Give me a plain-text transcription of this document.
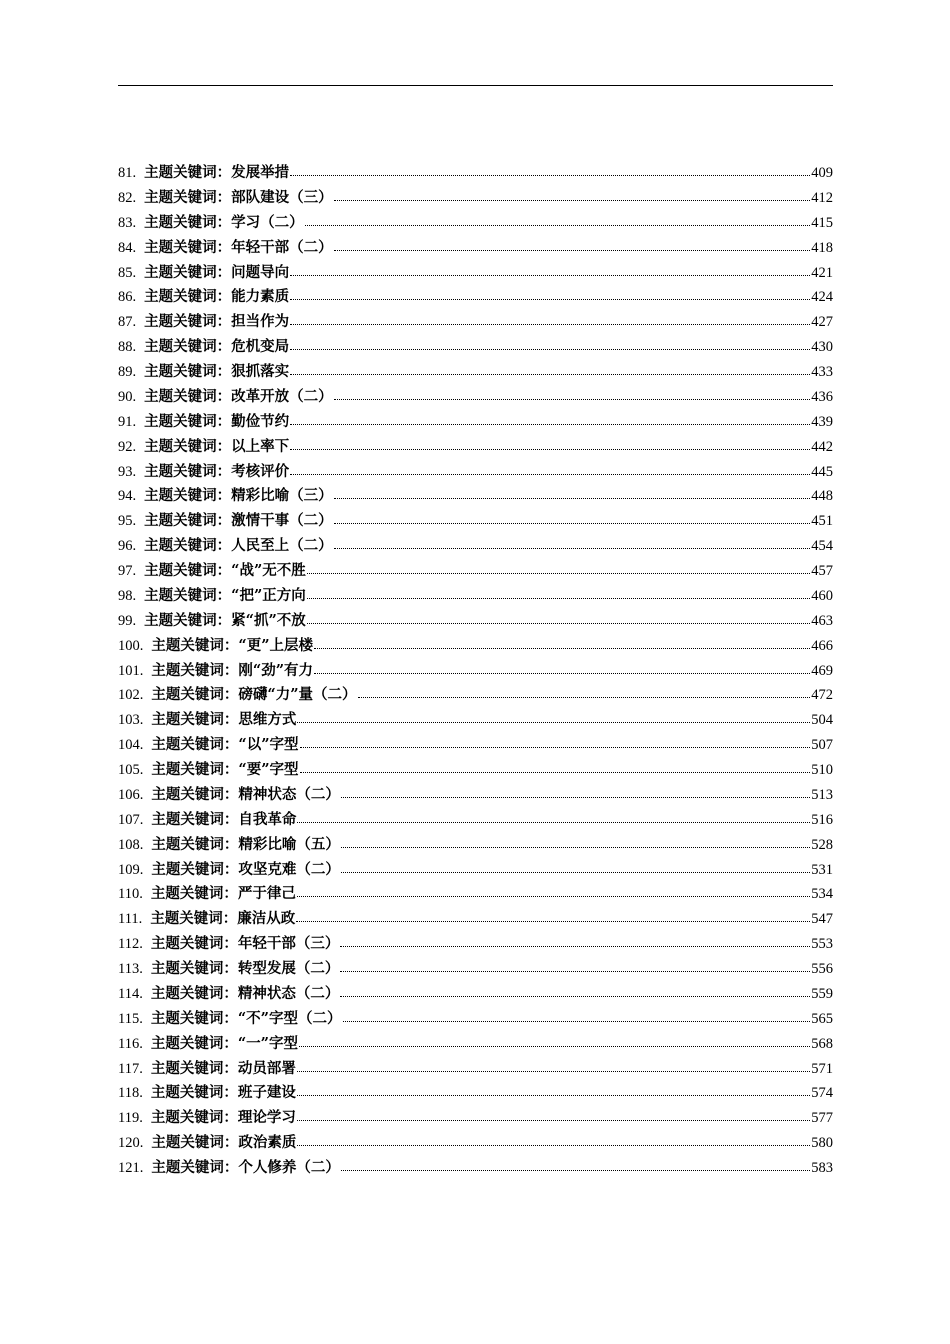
81. 主题关键词：发展举措	409
82. 主题关键词：部队建设（三）	412
83. 主题关键词：学习（二）	415
84. 主题关键词：年轻干部（二）	418
85. 主题关键词：问题导向	421
86. 主题关键词：能力素质	424
87. 主题关键词：担当作为	427
88. 主题关键词：危机变局	430
89. 主题关键词：狠抓落实	433
90. 主题关键词：改革开放（二）	436
91. 主题关键词：勤俭节约	439
92. 主题关键词：以上率下	442
93. 主题关键词：考核评价	445
94. 主题关键词：精彩比喻（三）	448
95. 主题关键词：激情干事（二）	451
96. 主题关键词：人民至上（二）	454
97. 主题关键词：“战”无不胜	457
98. 主题关键词：“把”正方向	460
99. 主题关键词：紧“抓”不放	463
100. 主题关键词：“更”上层楼	466
101. 主题关键词：刚“劲”有力	469
102. 主题关键词：磅礴“力”量（二）	472
103. 主题关键词：思维方式	504
104. 主题关键词：“以”字型	507
105. 主题关键词：“要”字型	510
106. 主题关键词：精神状态（二）	513
107. 主题关键词：自我革命	516
108. 主题关键词：精彩比喻（五）	528
109. 主题关键词：攻坚克难（二）	531
110. 主题关键词：严于律己	534
111. 主题关键词：廉洁从政	547
112. 主题关键词：年轻干部（三）	553
113. 主题关键词：转型发展（二）	556
114. 主题关键词：精神状态（二）	559
115. 主题关键词：“不”字型（二）	565
116. 主题关键词：“一”字型	568
117. 主题关键词：动员部署	571
118. 主题关键词：班子建设	574
119. 主题关键词：理论学习	577
120. 主题关键词：政治素质	580
121. 主题关键词：个人修养（二）	583
